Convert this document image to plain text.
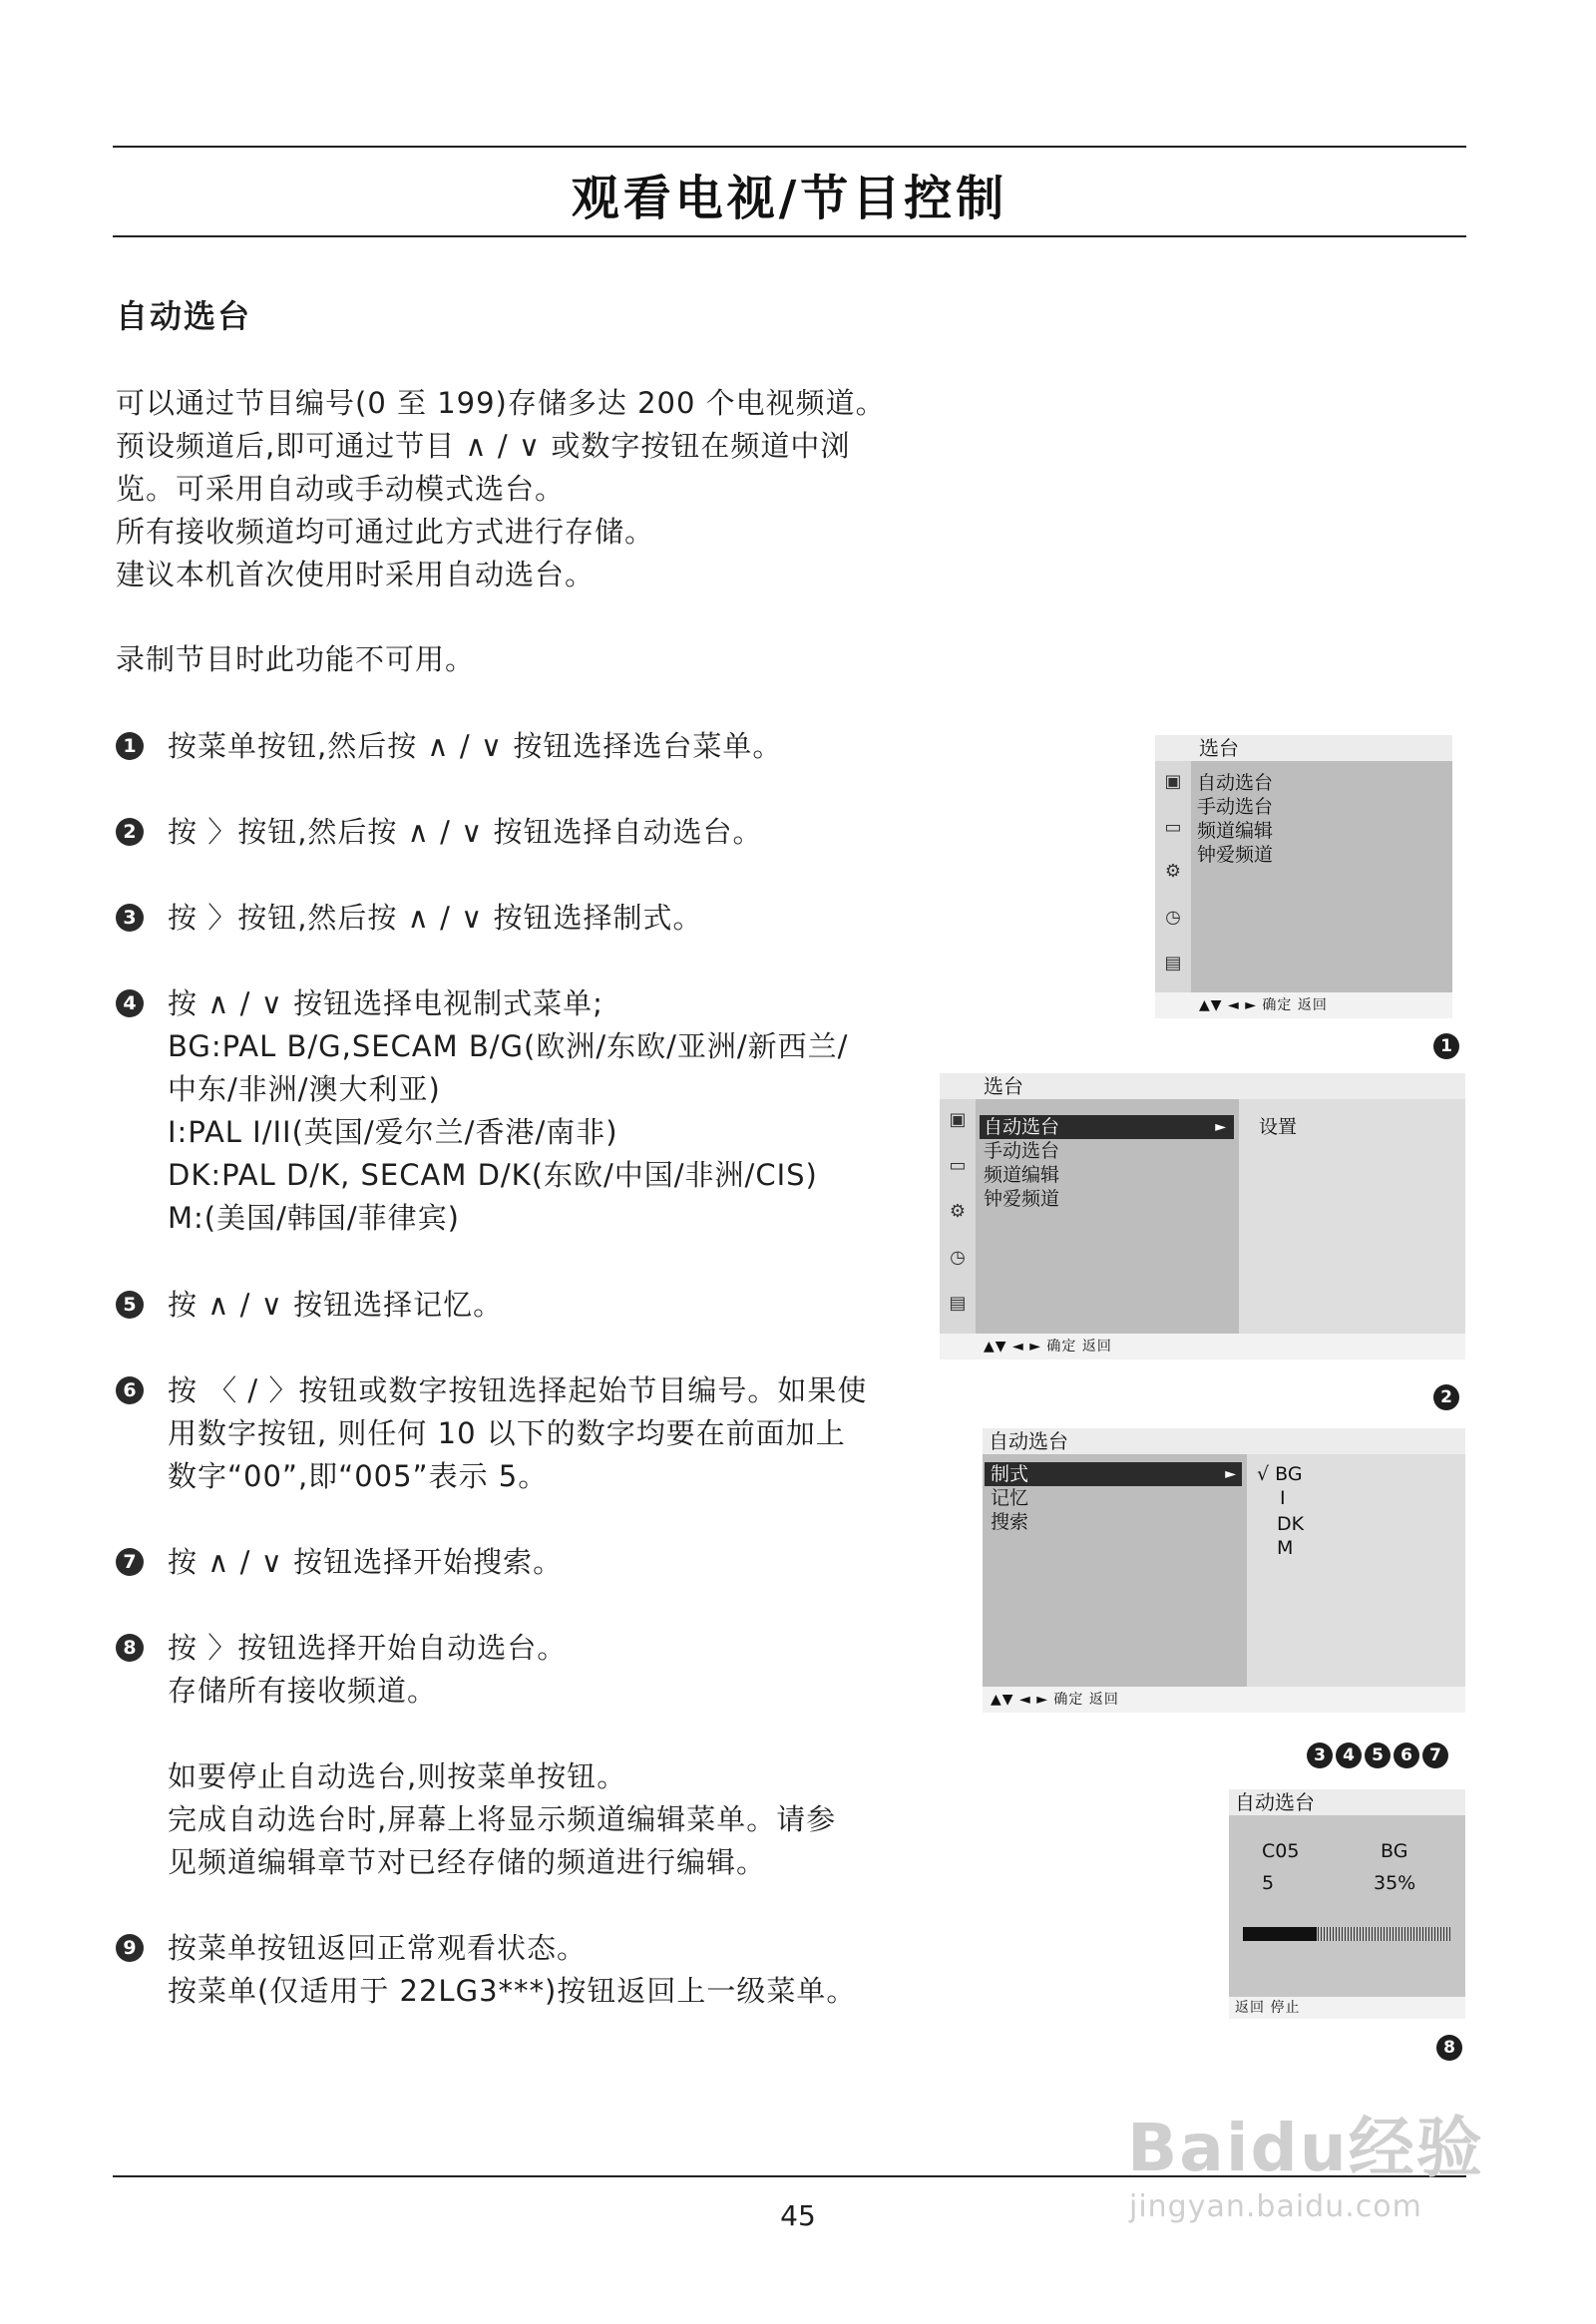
观看电视/节目控制
自动选台
可以通过节目编号(0 至 199)存储多达 200 个电视频道。
预设频道后,即可通过节目 ∧ / ∨ 或数字按钮在频道中浏
览。可采用自动或手动模式选台。
所有接收频道均可通过此方式进行存储。
建议本机首次使用时采用自动选台。
录制节目时此功能不可用。
1 按菜单按钮,然后按 ∧ / ∨ 按钮选择选台菜单。
2 按 〉按钮,然后按 ∧ / ∨ 按钮选择自动选台。
3 按 〉按钮,然后按 ∧ / ∨ 按钮选择制式。
4 按 ∧ / ∨ 按钮选择电视制式菜单;
BG:PAL B/G,SECAM B/G(欧洲/东欧/亚洲/新西兰/
中东/非洲/澳大利亚)
I:PAL I/II(英国/爱尔兰/香港/南非)
DK:PAL D/K, SECAM D/K(东欧/中国/非洲/CIS)
M:(美国/韩国/菲律宾)
5 按 ∧ / ∨ 按钮选择记忆。
6 按 〈 / 〉按钮或数字按钮选择起始节目编号。如果使
用数字按钮, 则任何 10 以下的数字均要在前面加上
数字“00”,即“005”表示 5。
7 按 ∧ / ∨ 按钮选择开始搜索。
8 按 〉按钮选择开始自动选台。
存储所有接收频道。
如要停止自动选台,则按菜单按钮。
完成自动选台时,屏幕上将显示频道编辑菜单。请参
见频道编辑章节对已经存储的频道进行编辑。
9 按菜单按钮返回正常观看状态。
按菜单(仅适用于 22LG3***)按钮返回上一级菜单。
选台
▣
▭
⚙
◷
▤
自动选台
手动选台
频道编辑
钟爱频道
▲▼ ◄ ► 确定 返回
1
选台
▣
▭
⚙
◷
▤
自动选台	►
手动选台
频道编辑
钟爱频道
设置
▲▼ ◄ ► 确定 返回
2
自动选台
制式	►
记忆
搜索
√ BG
I
DK
M
▲▼ ◄ ► 确定 返回
3	4	5	6	7
自动选台
C05	BG
5	35%
返回 停止
8
45
Baidu经验
jingyan.baidu.com
